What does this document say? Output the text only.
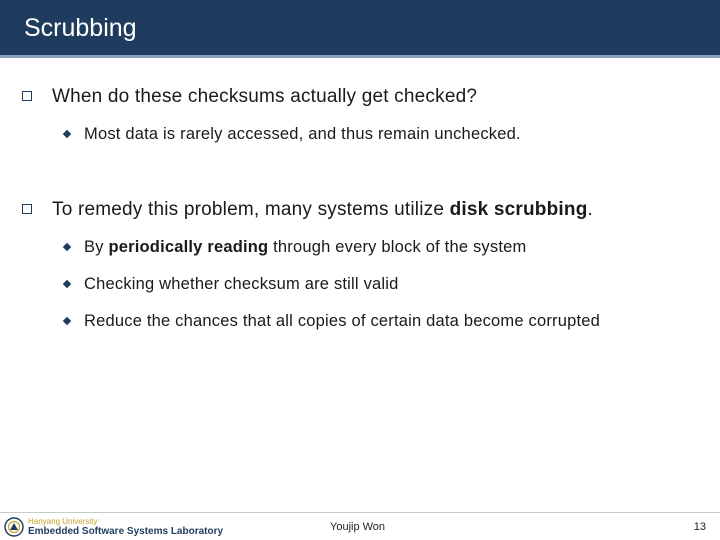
Scrubbing
When do these checksums actually get checked?
Most data is rarely accessed, and thus remain unchecked.
To remedy this problem, many systems utilize disk scrubbing.
By periodically reading through every block of the system
Checking whether checksum are still valid
Reduce the chances that all copies of certain data become corrupted
Hanyang University
Embedded Software Systems Laboratory	Youjip Won	13
